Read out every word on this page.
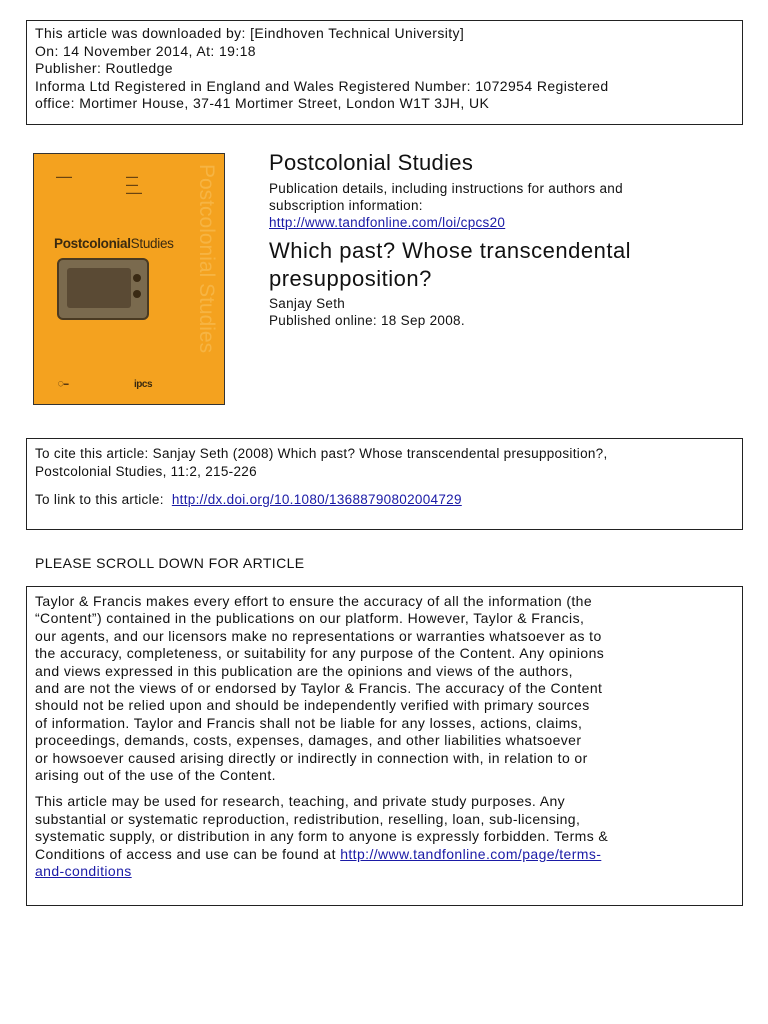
This article was downloaded by: [Eindhoven Technical University]
On: 14 November 2014, At: 19:18
Publisher: Routledge
Informa Ltd Registered in England and Wales Registered Number: 1072954 Registered
office: Mortimer House, 37-41 Mortimer Street, London W1T 3JH, UK
▬▬▬▬	▬▬▬
▬▬▬
▬▬▬▬
PostcolonialStudies Postcolonial Studies
◯▬	ipcs
Postcolonial Studies
Publication details, including instructions for authors and
subscription information:
http://www.tandfonline.com/loi/cpcs20
Which past? Whose transcendental
presupposition?
Sanjay Seth
Published online: 18 Sep 2008.
To cite this article: Sanjay Seth (2008) Which past? Whose transcendental presupposition?,
Postcolonial Studies, 11:2, 215-226
To link to this article: http://dx.doi.org/10.1080/13688790802004729
PLEASE SCROLL DOWN FOR ARTICLE

Taylor & Francis makes every effort to ensure the accuracy of all the information (the
“Content”) contained in the publications on our platform. However, Taylor & Francis,
our agents, and our licensors make no representations or warranties whatsoever as to
the accuracy, completeness, or suitability for any purpose of the Content. Any opinions
and views expressed in this publication are the opinions and views of the authors,
and are not the views of or endorsed by Taylor & Francis. The accuracy of the Content
should not be relied upon and should be independently verified with primary sources
of information. Taylor and Francis shall not be liable for any losses, actions, claims,
proceedings, demands, costs, expenses, damages, and other liabilities whatsoever
or howsoever caused arising directly or indirectly in connection with, in relation to or
arising out of the use of the Content.

This article may be used for research, teaching, and private study purposes. Any
substantial or systematic reproduction, redistribution, reselling, loan, sub-licensing,
systematic supply, or distribution in any form to anyone is expressly forbidden. Terms &
Conditions of access and use can be found at http://www.tandfonline.com/page/terms-
and-conditions
